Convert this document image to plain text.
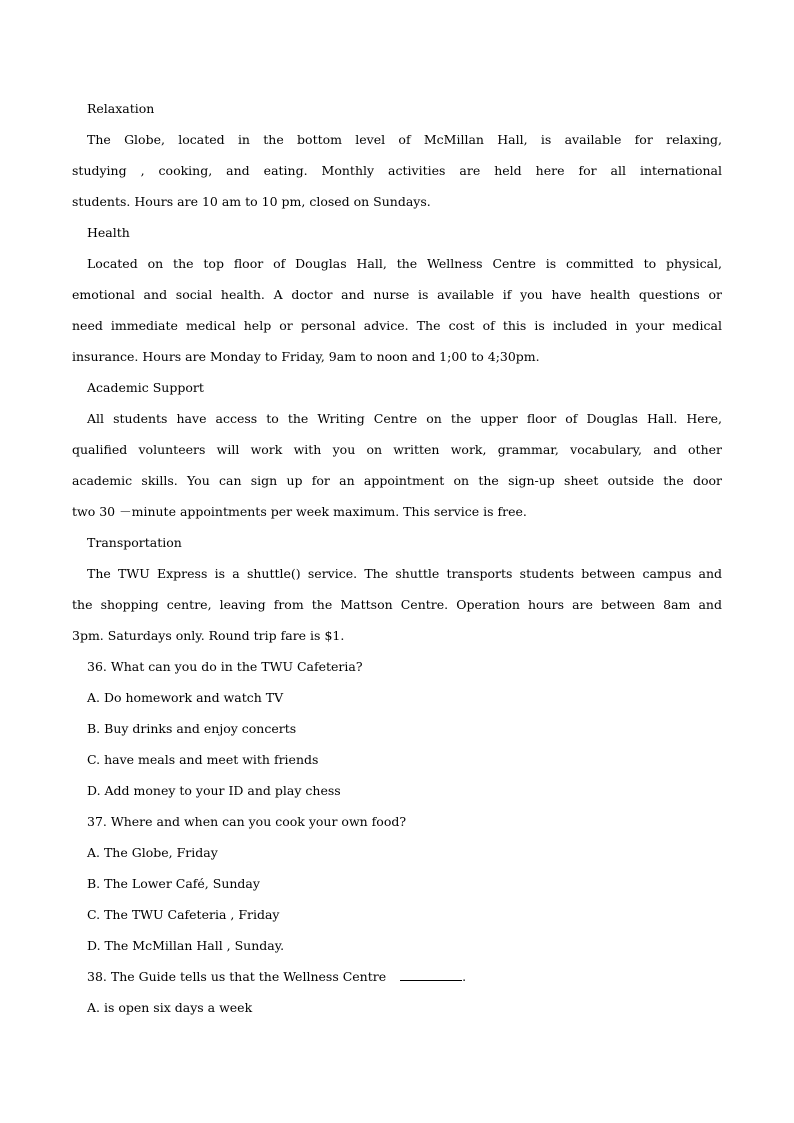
Relaxation
The Globe, located in the bottom level of McMillan Hall, is available for relaxing,
studying , cooking, and eating. Monthly activities are held here for all international
students. Hours are 10 am to 10 pm, closed on Sundays.
Health
Located on the top floor of Douglas Hall, the Wellness Centre is committed to physical,
emotional and social health. A doctor and nurse is available if you have health questions or
need immediate medical help or personal advice. The cost of this is included in your medical
insurance. Hours are Monday to Friday, 9am to noon and 1;00 to 4;30pm.
Academic Support
All students have access to the Writing Centre on the upper floor of Douglas Hall. Here,
qualified volunteers will work with you on written work, grammar, vocabulary, and other
academic skills. You can sign up for an appointment on the sign-up sheet outside the door
two 30 －minute appointments per week maximum. This service is free.
Transportation
The TWU Express is a shuttle() service. The shuttle transports students between campus and
the shopping centre, leaving from the Mattson Centre. Operation hours are between 8am and
3pm. Saturdays only. Round trip fare is $1.
36. What can you do in the TWU Cafeteria?
A. Do homework and watch TV
B. Buy drinks and enjoy concerts
C. have meals and meet with friends
D. Add money to your ID and play chess
37. Where and when can you cook your own food?
A. The Globe, Friday
B. The Lower Café, Sunday
C. The TWU Cafeteria , Friday
D. The McMillan Hall , Sunday.
38. The Guide tells us that the Wellness Centre	.
A. is open six days a week
